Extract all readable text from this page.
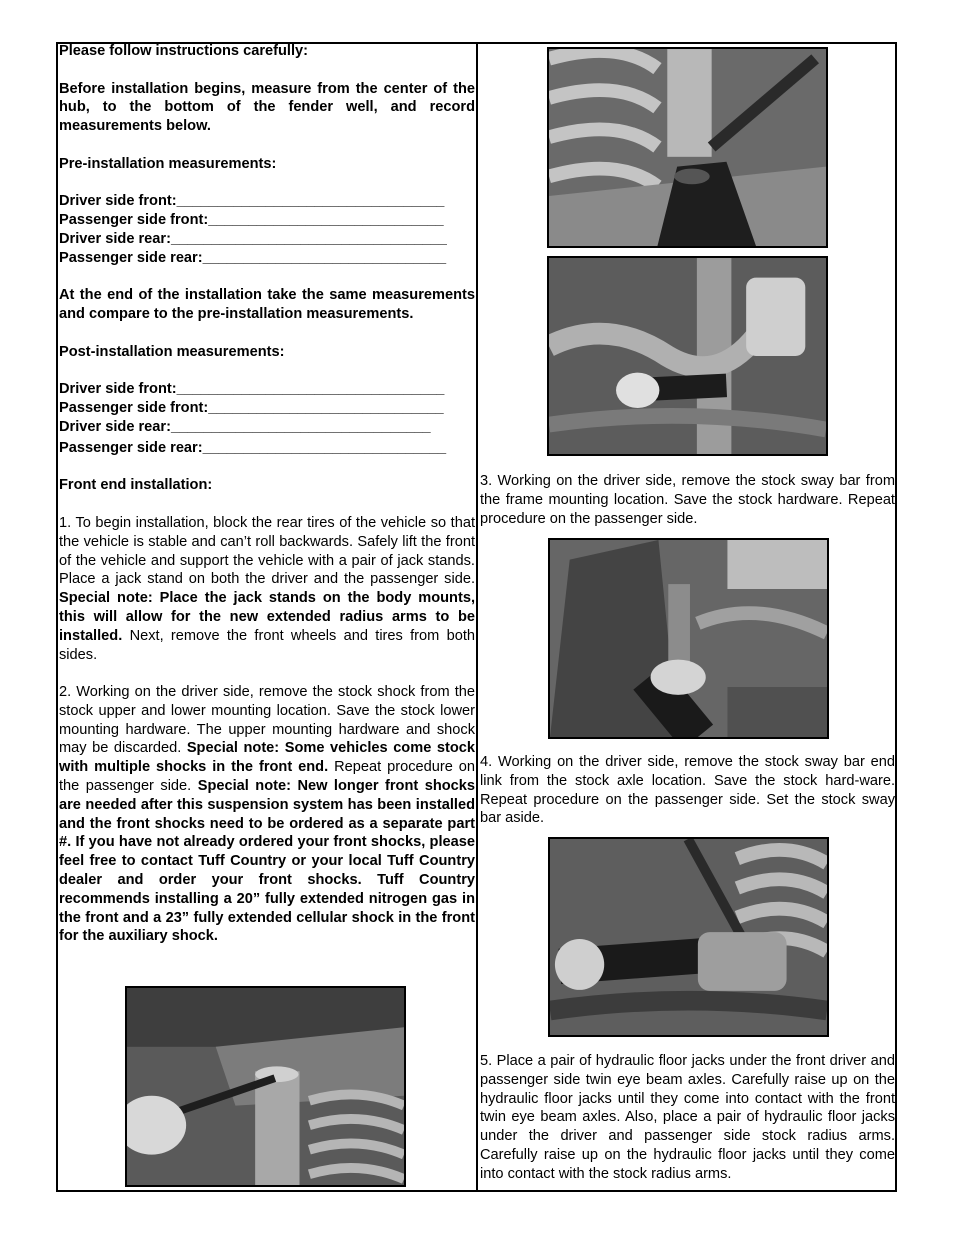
Please follow instructions carefully:

Before installation begins, measure from the center of the hub, to the bottom of the fender well, and record measurements below.

Pre-installation measurements:

Driver side front:_________________________________
Passenger side front:_____________________________
Driver side rear:__________________________________
Passenger side rear:______________________________

At the end of the installation take the same measurements and compare to the pre-installation measurements.

Post-installation measurements:

Driver side front:_________________________________
Passenger side front:_____________________________
Driver side rear:________________________________
Passenger side rear:______________________________

Front end installation:

1. To begin installation, block the rear tires of the vehicle so that the vehicle is stable and can’t roll backwards. Safely lift the front of the vehicle and support the vehicle with a pair of jack stands. Place a jack stand on both the driver and the passenger side. Special note: Place the jack stands on the body mounts, this will allow for the new extended radius arms to be installed. Next, remove the front wheels and tires from both sides.

2. Working on the driver side, remove the stock shock from the stock upper and lower mounting location. Save the stock lower mounting hardware. The upper mounting hardware and shock may be discarded. Special note: Some vehicles come stock with multiple shocks in the front end. Repeat procedure on the passenger side. Special note: New longer front shocks are needed after this suspension system has been installed and the front shocks need to be ordered as a separate part #. If you have not already ordered your front shocks, please feel free to contact Tuff Country or your local Tuff Country dealer and order your front shocks. Tuff Country recommends installing a 20” fully extended nitrogen gas in the front and a 23” fully extended cellular shock in the front for the auxiliary shock.

3. Working on the driver side, remove the stock sway bar from the frame mounting location. Save the stock hardware. Repeat procedure on the passenger side.
4. Working on the driver side, remove the stock sway bar end link from the stock axle location. Save the stock hard-ware. Repeat procedure on the passenger side. Set the stock sway bar aside.
5. Place a pair of hydraulic floor jacks under the front driver and passenger side twin eye beam axles. Carefully raise up on the hydraulic floor jacks until they come into contact with the front twin eye beam axles. Also, place a pair of hydraulic floor jacks under the driver and passenger side stock radius arms. Carefully raise up on the hydraulic floor jacks until they come into contact with the stock radius arms.
